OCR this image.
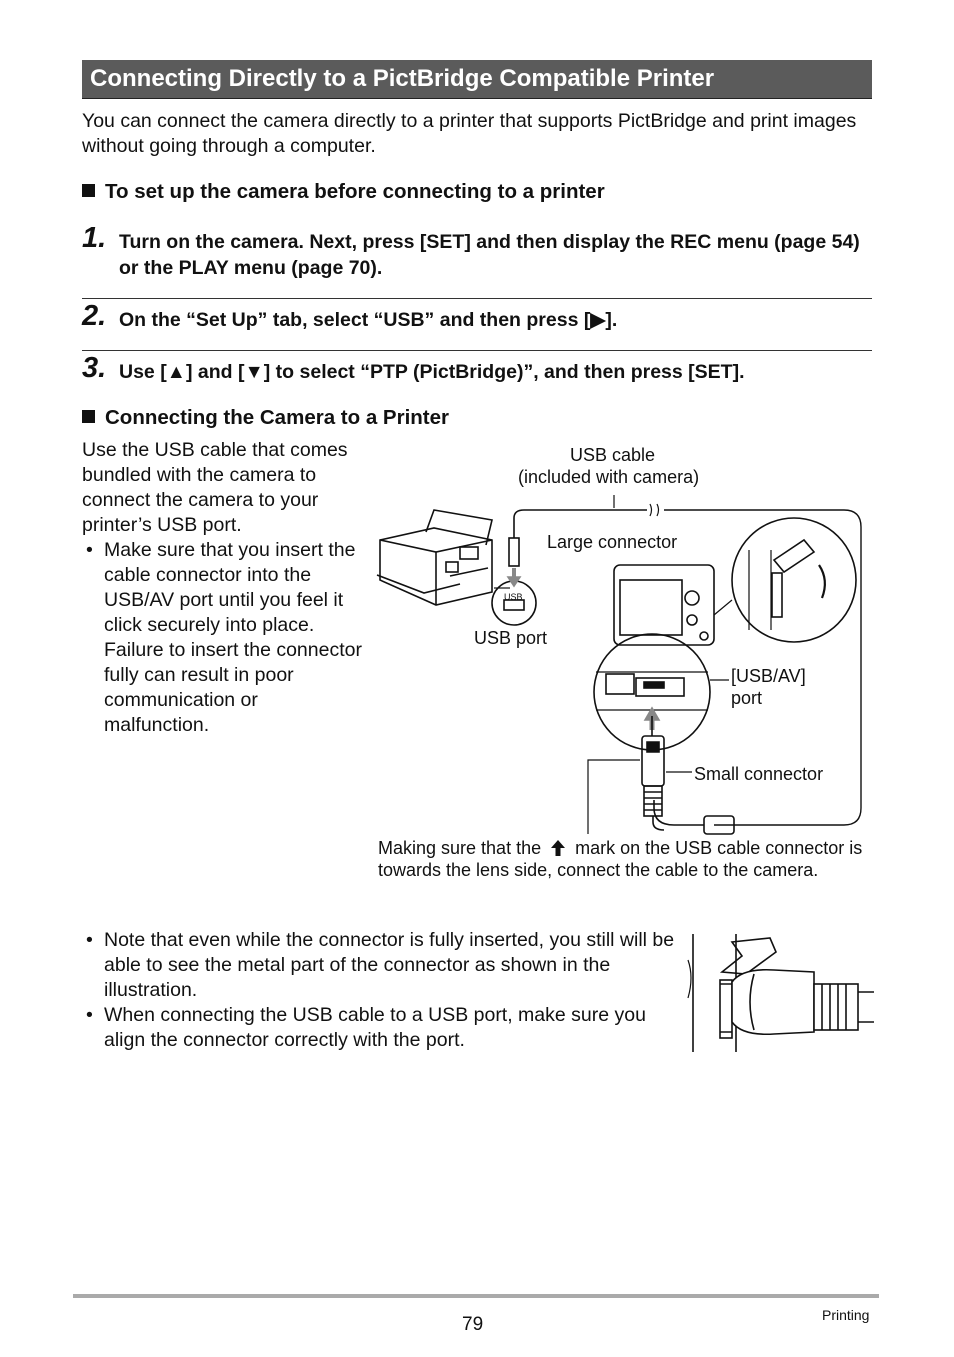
Connecting Directly to a PictBridge Compatible Printer

You can connect the camera directly to a printer that supports PictBridge and print images without going through a computer.

To set up the camera before connecting to a printer
1. Turn on the camera. Next, press [SET] and then display the REC menu (page 54) or the PLAY menu (page 70).
2. On the “Set Up” tab, select “USB” and then press [▶].
3. Use [▲] and [▼] to select “PTP (PictBridge)”, and then press [SET].
Connecting the Camera to a Printer

Use the USB cable that comes bundled with the camera to connect the camera to your printer’s USB port.

• Make sure that you insert the cable connector into the USB/AV port until you feel it click securely into place. Failure to insert the connector fully can result in poor communication or malfunction.
USB
USB cable
(included with camera)
Large connector
USB port
[USB/AV]
port
Small connector
Making sure that the mark on the USB cable connector is towards the lens side, connect the cable to the camera.
• Note that even while the connector is fully inserted, you still will be able to see the metal part of the connector as shown in the illustration.
• When connecting the USB cable to a USB port, make sure you align the connector correctly with the port.
79	Printing
